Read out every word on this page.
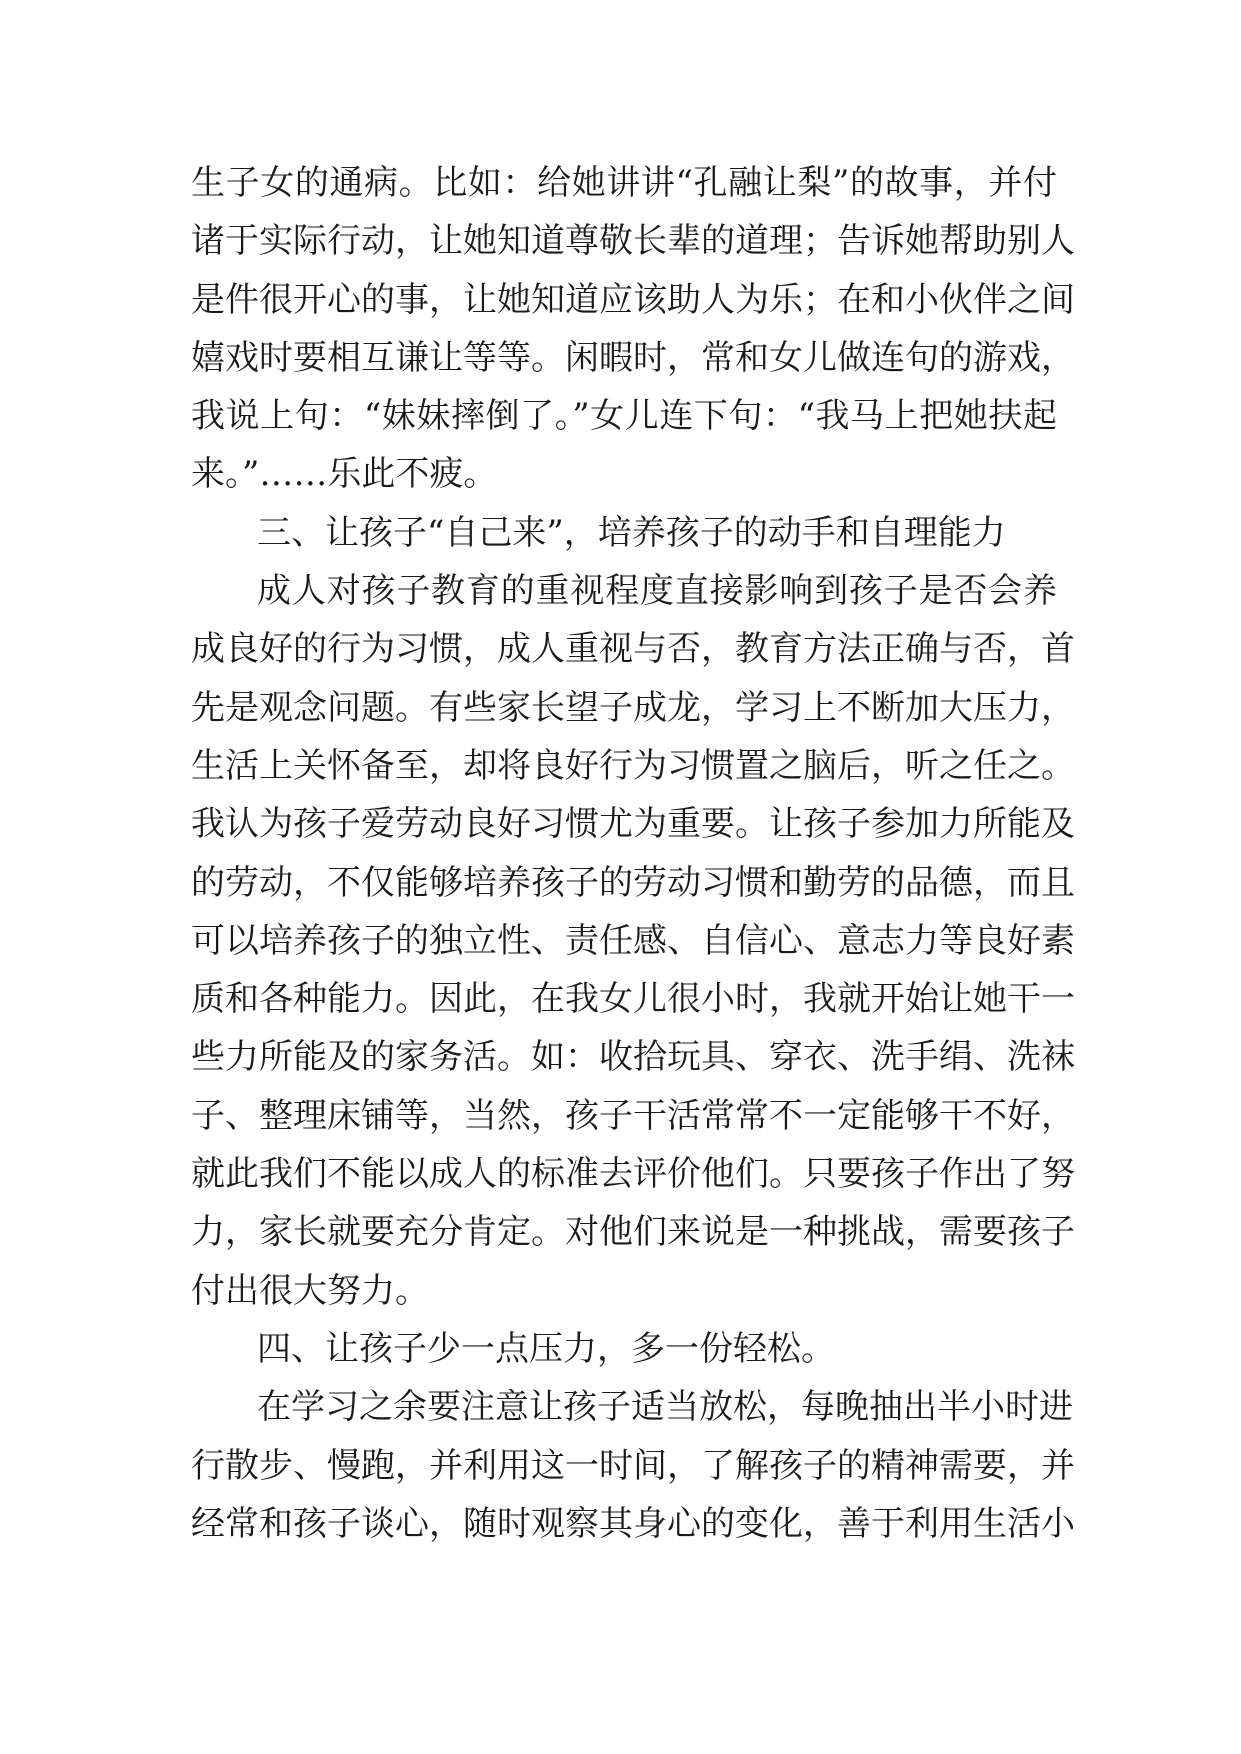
生子女的通病。比如：给她讲讲“孔融让梨”的故事，并付
诸于实际行动，让她知道尊敬长辈的道理；告诉她帮助别人
是件很开心的事，让她知道应该助人为乐；在和小伙伴之间
嬉戏时要相互谦让等等。闲暇时，常和女儿做连句的游戏，
我说上句：“妹妹摔倒了。”女儿连下句：“我马上把她扶起
来。”……乐此不疲。
三、让孩子“自己来”，培养孩子的动手和自理能力
成人对孩子教育的重视程度直接影响到孩子是否会养
成良好的行为习惯，成人重视与否，教育方法正确与否，首
先是观念问题。有些家长望子成龙，学习上不断加大压力，
生活上关怀备至，却将良好行为习惯置之脑后，听之任之。
我认为孩子爱劳动良好习惯尤为重要。让孩子参加力所能及
的劳动，不仅能够培养孩子的劳动习惯和勤劳的品德，而且
可以培养孩子的独立性、责任感、自信心、意志力等良好素
质和各种能力。因此，在我女儿很小时，我就开始让她干一
些力所能及的家务活。如：收拾玩具、穿衣、洗手绢、洗袜
子、整理床铺等，当然，孩子干活常常不一定能够干不好，
就此我们不能以成人的标准去评价他们。只要孩子作出了努
力，家长就要充分肯定。对他们来说是一种挑战，需要孩子
付出很大努力。
四、让孩子少一点压力，多一份轻松。
在学习之余要注意让孩子适当放松，每晚抽出半小时进
行散步、慢跑，并利用这一时间，了解孩子的精神需要，并
经常和孩子谈心，随时观察其身心的变化，善于利用生活小
